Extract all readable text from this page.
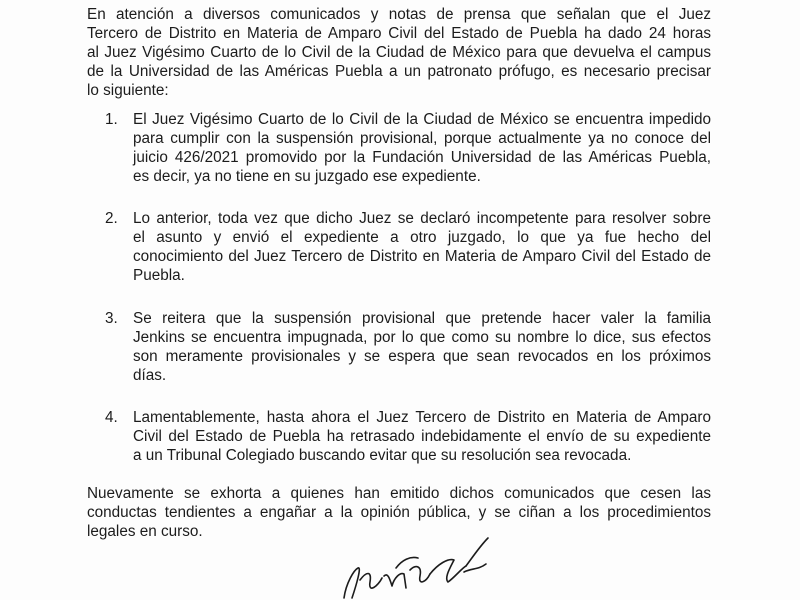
En atención a diversos comunicados y notas de prensa que señalan que el Juez
Tercero de Distrito en Materia de Amparo Civil del Estado de Puebla ha dado 24 horas
al Juez Vigésimo Cuarto de lo Civil de la Ciudad de México para que devuelva el campus
de la Universidad de las Américas Puebla a un patronato prófugo, es necesario precisar
lo siguiente:
1. El Juez Vigésimo Cuarto de lo Civil de la Ciudad de México se encuentra impedido
para cumplir con la suspensión provisional, porque actualmente ya no conoce del
juicio 426/2021 promovido por la Fundación Universidad de las Américas Puebla,
es decir, ya no tiene en su juzgado ese expediente.
2. Lo anterior, toda vez que dicho Juez se declaró incompetente para resolver sobre
el asunto y envió el expediente a otro juzgado, lo que ya fue hecho del
conocimiento del Juez Tercero de Distrito en Materia de Amparo Civil del Estado de
Puebla.
3. Se reitera que la suspensión provisional que pretende hacer valer la familia
Jenkins se encuentra impugnada, por lo que como su nombre lo dice, sus efectos
son meramente provisionales y se espera que sean revocados en los próximos
días.
4. Lamentablemente, hasta ahora el Juez Tercero de Distrito en Materia de Amparo
Civil del Estado de Puebla ha retrasado indebidamente el envío de su expediente
a un Tribunal Colegiado buscando evitar que su resolución sea revocada.
Nuevamente se exhorta a quienes han emitido dichos comunicados que cesen las
conductas tendientes a engañar a la opinión pública, y se ciñan a los procedimientos
legales en curso.
